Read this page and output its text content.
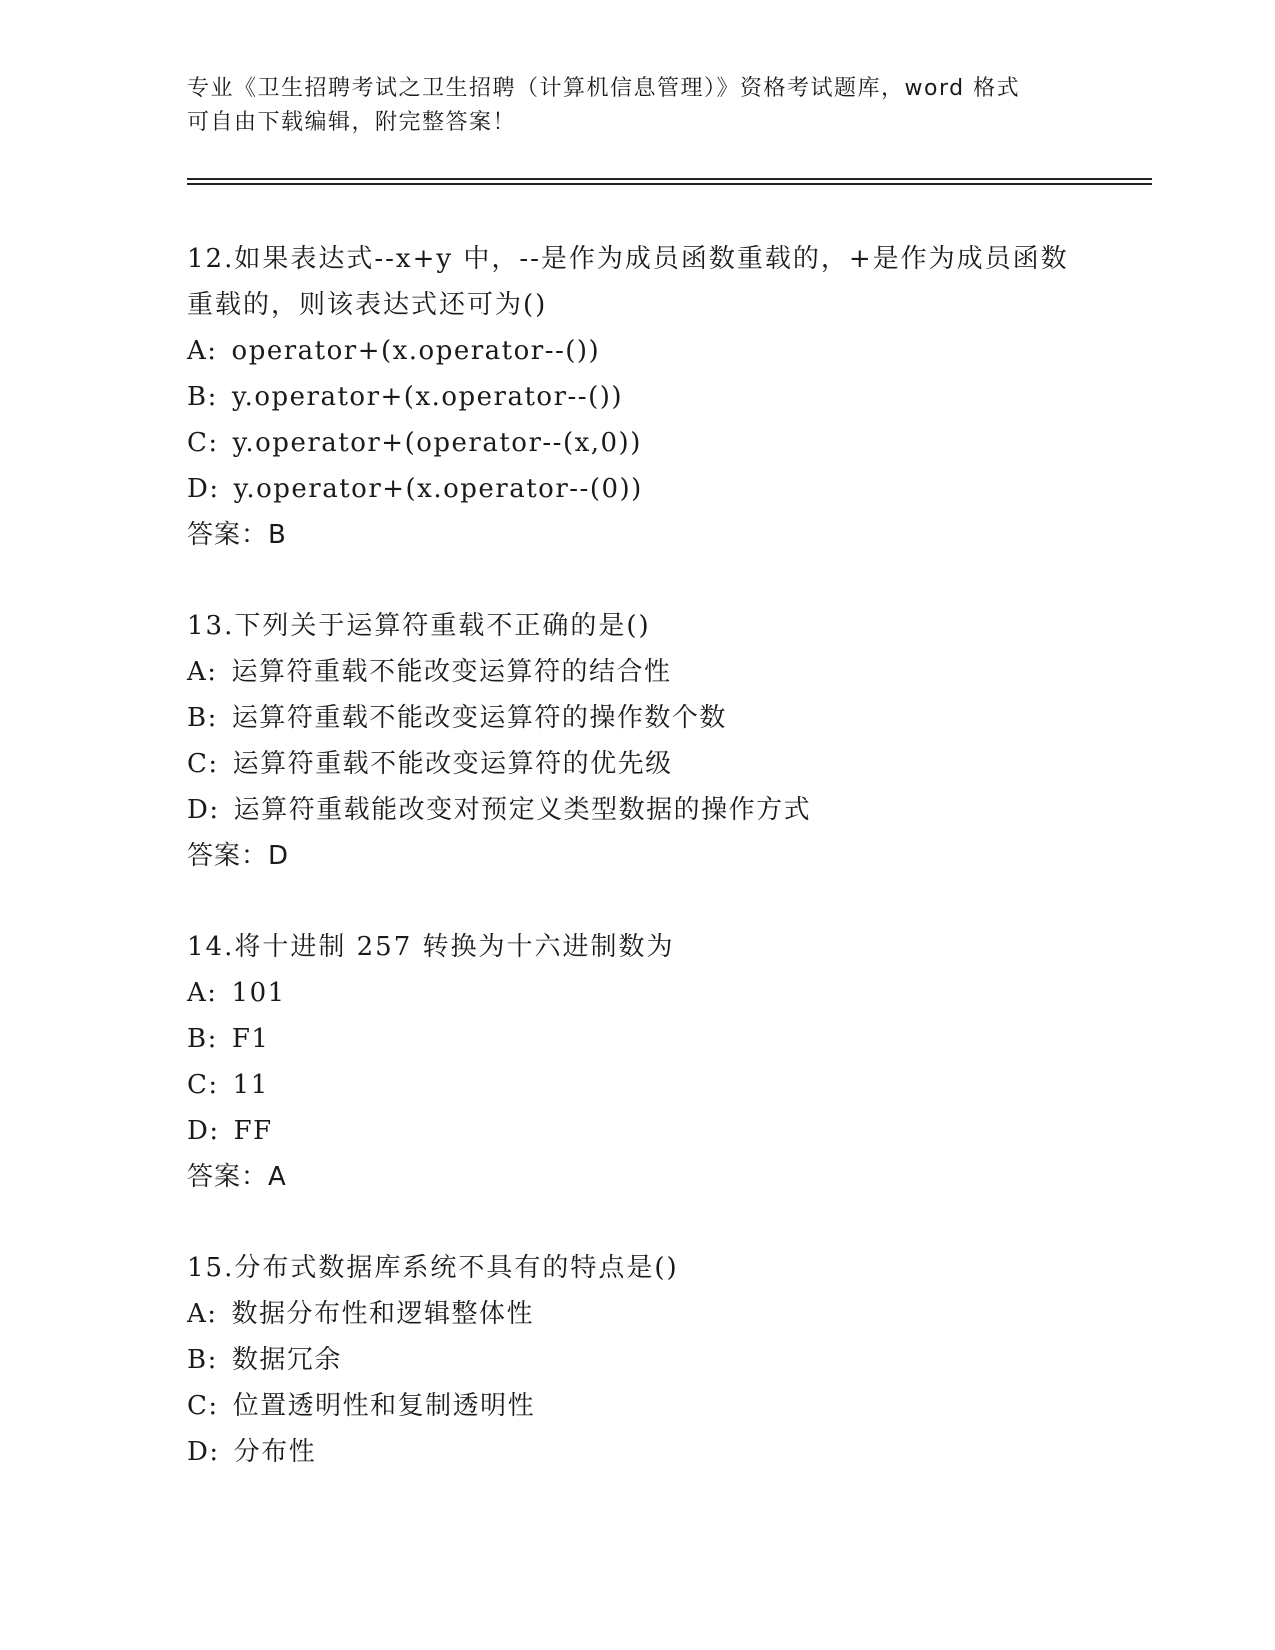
专业《卫生招聘考试之卫生招聘（计算机信息管理）》资格考试题库，word 格式
可自由下载编辑，附完整答案！
12.如果表达式--x+y 中，--是作为成员函数重载的，+是作为成员函数重载的，则该表达式还可为()
A: operator+(x.operator--())
B: y.operator+(x.operator--())
C: y.operator+(operator--(x,0))
D: y.operator+(x.operator--(0))
答案：B
13.下列关于运算符重载不正确的是()
A: 运算符重载不能改变运算符的结合性
B: 运算符重载不能改变运算符的操作数个数
C: 运算符重载不能改变运算符的优先级
D: 运算符重载能改变对预定义类型数据的操作方式
答案：D
14.将十进制 257 转换为十六进制数为
A: 101
B: F1
C: 11
D: FF
答案：A
15.分布式数据库系统不具有的特点是()
A: 数据分布性和逻辑整体性
B: 数据冗余
C: 位置透明性和复制透明性
D: 分布性
